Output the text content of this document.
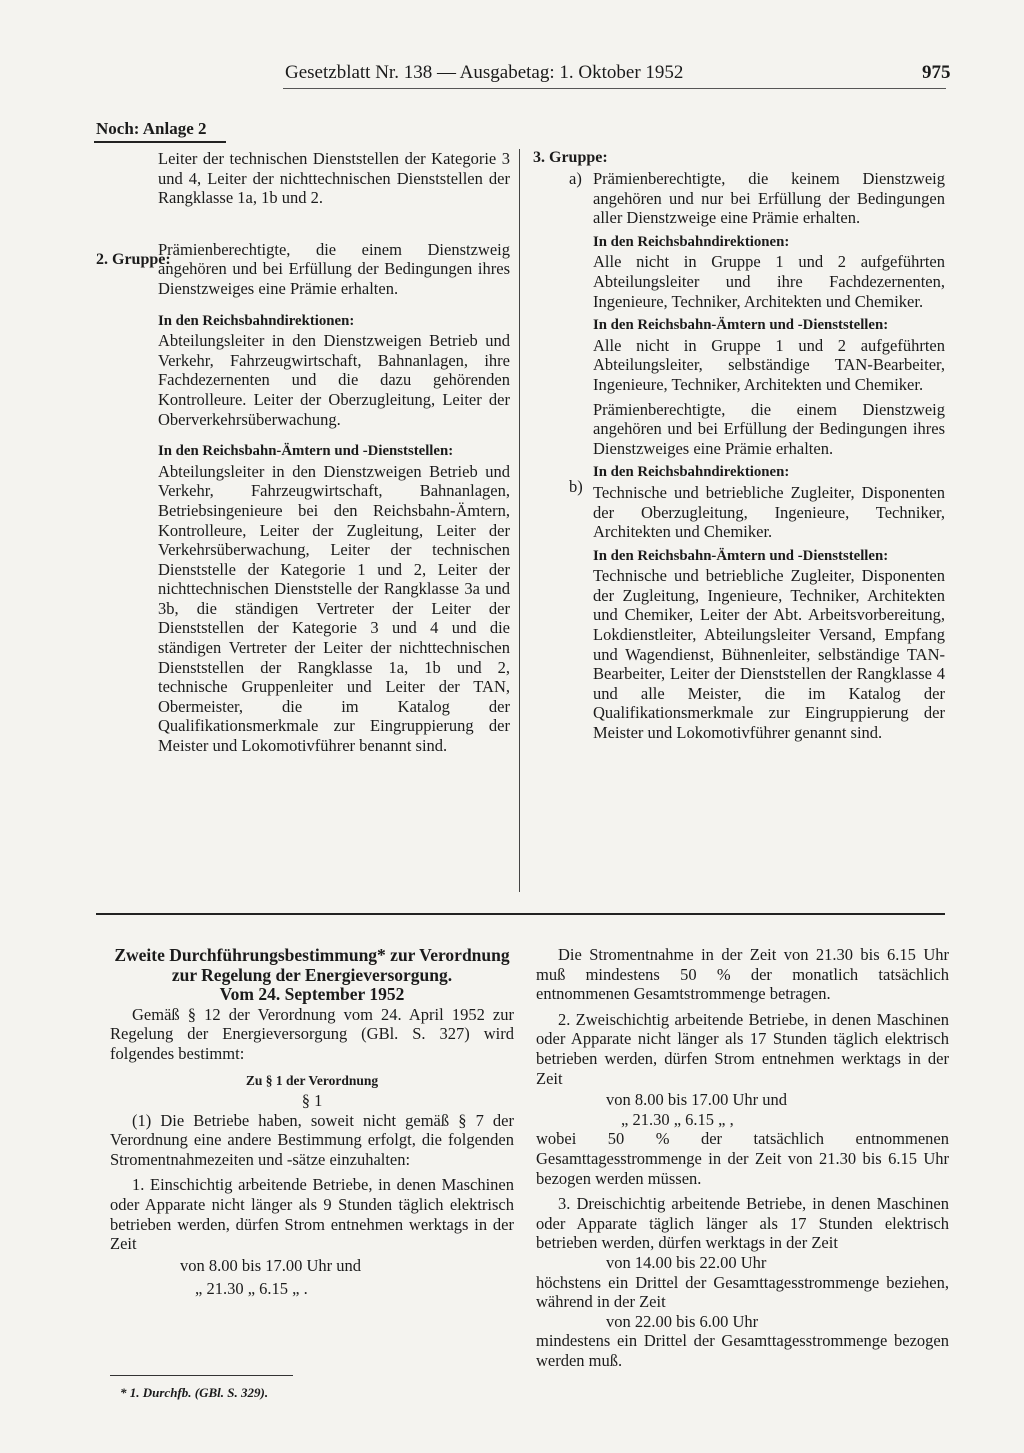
Gesetzblatt Nr. 138 — Ausgabetag: 1. Oktober 1952	975
Noch: Anlage 2

Leiter der technischen Dienststellen der Kategorie 3 und 4, Leiter der nichttechnischen Dienststellen der Rangklasse 1a, 1b und 2.

Prämienberechtigte, die einem Dienstzweig angehören und bei Erfüllung der Bedingungen ihres Dienstzweiges eine Prämie erhalten.

In den Reichsbahndirektionen:

Abteilungsleiter in den Dienstzweigen Betrieb und Verkehr, Fahrzeugwirtschaft, Bahnanlagen, ihre Fachdezernenten und die dazu gehörenden Kontrolleure. Leiter der Oberzugleitung, Leiter der Oberverkehrsüberwachung.

In den Reichsbahn-Ämtern und -Dienststellen:

Abteilungsleiter in den Dienstzweigen Betrieb und Verkehr, Fahrzeugwirtschaft, Bahnanlagen, Betriebsingenieure bei den Reichsbahn-Ämtern, Kontrolleure, Leiter der Zugleitung, Leiter der Verkehrsüberwachung, Leiter der technischen Dienststelle der Kategorie 1 und 2, Leiter der nichttechnischen Dienststelle der Rangklasse 3a und 3b, die ständigen Vertreter der Leiter der Dienststellen der Kategorie 3 und 4 und die ständigen Vertreter der Leiter der nichttechnischen Dienststellen der Rangklasse 1a, 1b und 2, technische Gruppenleiter und Leiter der TAN, Obermeister, die im Katalog der Qualifikationsmerkmale zur Eingruppierung der Meister und Lokomotivführer benannt sind.

2. Gruppe:
3. Gruppe:

Prämienberechtigte, die keinem Dienstzweig angehören und nur bei Erfüllung der Bedingungen aller Dienstzweige eine Prämie erhalten.

In den Reichsbahndirektionen:

Alle nicht in Gruppe 1 und 2 aufgeführten Abteilungsleiter und ihre Fachdezernenten, Ingenieure, Techniker, Architekten und Chemiker.

In den Reichsbahn-Ämtern und -Dienststellen:

Alle nicht in Gruppe 1 und 2 aufgeführten Abteilungsleiter, selbständige TAN-Bearbeiter, Ingenieure, Techniker, Architekten und Chemiker.

Prämienberechtigte, die einem Dienstzweig angehören und bei Erfüllung der Bedingungen ihres Dienstzweiges eine Prämie erhalten.

In den Reichsbahndirektionen:

Technische und betriebliche Zugleiter, Disponenten der Oberzugleitung, Ingenieure, Techniker, Architekten und Chemiker.

In den Reichsbahn-Ämtern und -Dienststellen:

Technische und betriebliche Zugleiter, Disponenten der Zugleitung, Ingenieure, Techniker, Architekten und Chemiker, Leiter der Abt. Arbeitsvorbereitung, Lokdienstleiter, Abteilungsleiter Versand, Empfang und Wagendienst, Bühnenleiter, selbständige TAN-Bearbeiter, Leiter der Dienststellen der Rangklasse 4 und alle Meister, die im Katalog der Qualifikationsmerkmale zur Eingruppierung der Meister und Lokomotivführer genannt sind.

a)
b)

Zweite Durchführungsbestimmung* zur Verordnung zur Regelung der Energieversorgung.

Vom 24. September 1952

Gemäß § 12 der Verordnung vom 24. April 1952 zur Regelung der Energieversorgung (GBl. S. 327) wird folgendes bestimmt:

Zu § 1 der Verordnung

§ 1

(1) Die Betriebe haben, soweit nicht gemäß § 7 der Verordnung eine andere Bestimmung erfolgt, die folgenden Stromentnahmezeiten und -sätze einzuhalten:

1. Einschichtig arbeitende Betriebe, in denen Maschinen oder Apparate nicht länger als 9 Stunden täglich elektrisch betrieben werden, dürfen Strom entnehmen werktags in der Zeit

von 8.00 bis 17.00 Uhr und

„ 21.30 „ 6.15 „ .

Die Stromentnahme in der Zeit von 21.30 bis 6.15 Uhr muß mindestens 50 % der monatlich tatsächlich entnommenen Gesamtstrommenge betragen.

2. Zweischichtig arbeitende Betriebe, in denen Maschinen oder Apparate nicht länger als 17 Stunden täglich elektrisch betrieben werden, dürfen Strom entnehmen werktags in der Zeit

von 8.00 bis 17.00 Uhr und

„ 21.30 „ 6.15 „ ,

wobei 50 % der tatsächlich entnommenen Gesamttagesstrommenge in der Zeit von 21.30 bis 6.15 Uhr bezogen werden müssen.

3. Dreischichtig arbeitende Betriebe, in denen Maschinen oder Apparate täglich länger als 17 Stunden elektrisch betrieben werden, dürfen werktags in der Zeit

von 14.00 bis 22.00 Uhr

höchstens ein Drittel der Gesamttagesstrommenge beziehen, während in der Zeit

von 22.00 bis 6.00 Uhr

mindestens ein Drittel der Gesamttagesstrommenge bezogen werden muß.

* 1. Durchfb. (GBl. S. 329).
